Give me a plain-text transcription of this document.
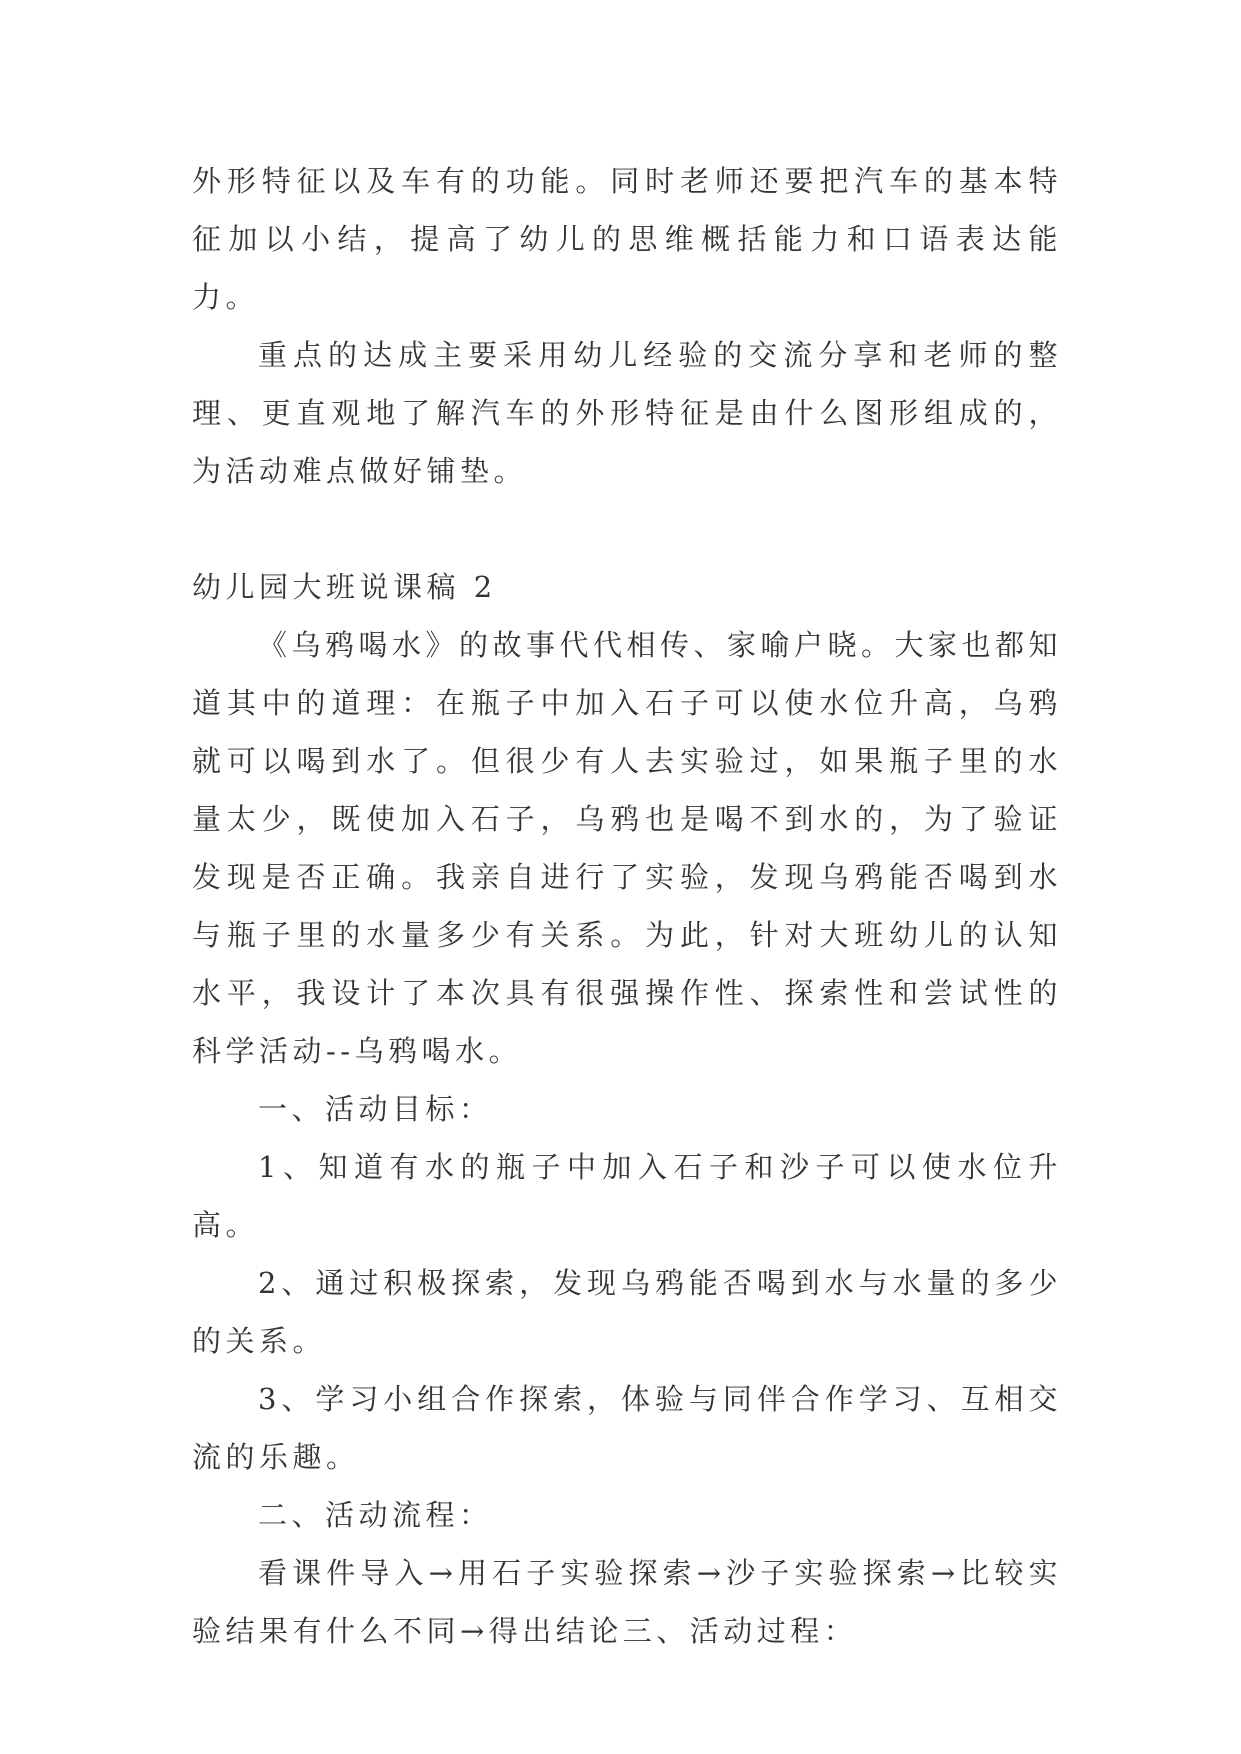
外形特征以及车有的功能。同时老师还要把汽车的基本特征加以小结，提高了幼儿的思维概括能力和口语表达能力。

重点的达成主要采用幼儿经验的交流分享和老师的整理、更直观地了解汽车的外形特征是由什么图形组成的，为活动难点做好铺垫。

幼儿园大班说课稿 2

《乌鸦喝水》的故事代代相传、家喻户晓。大家也都知道其中的道理：在瓶子中加入石子可以使水位升高，乌鸦就可以喝到水了。但很少有人去实验过，如果瓶子里的水量太少，既使加入石子，乌鸦也是喝不到水的，为了验证发现是否正确。我亲自进行了实验，发现乌鸦能否喝到水与瓶子里的水量多少有关系。为此，针对大班幼儿的认知水平，我设计了本次具有很强操作性、探索性和尝试性的科学活动--乌鸦喝水。

一、活动目标：

1、知道有水的瓶子中加入石子和沙子可以使水位升高。

2、通过积极探索，发现乌鸦能否喝到水与水量的多少的关系。

3、学习小组合作探索，体验与同伴合作学习、互相交流的乐趣。

二、活动流程：

看课件导入→用石子实验探索→沙子实验探索→比较实验结果有什么不同→得出结论三、活动过程：
